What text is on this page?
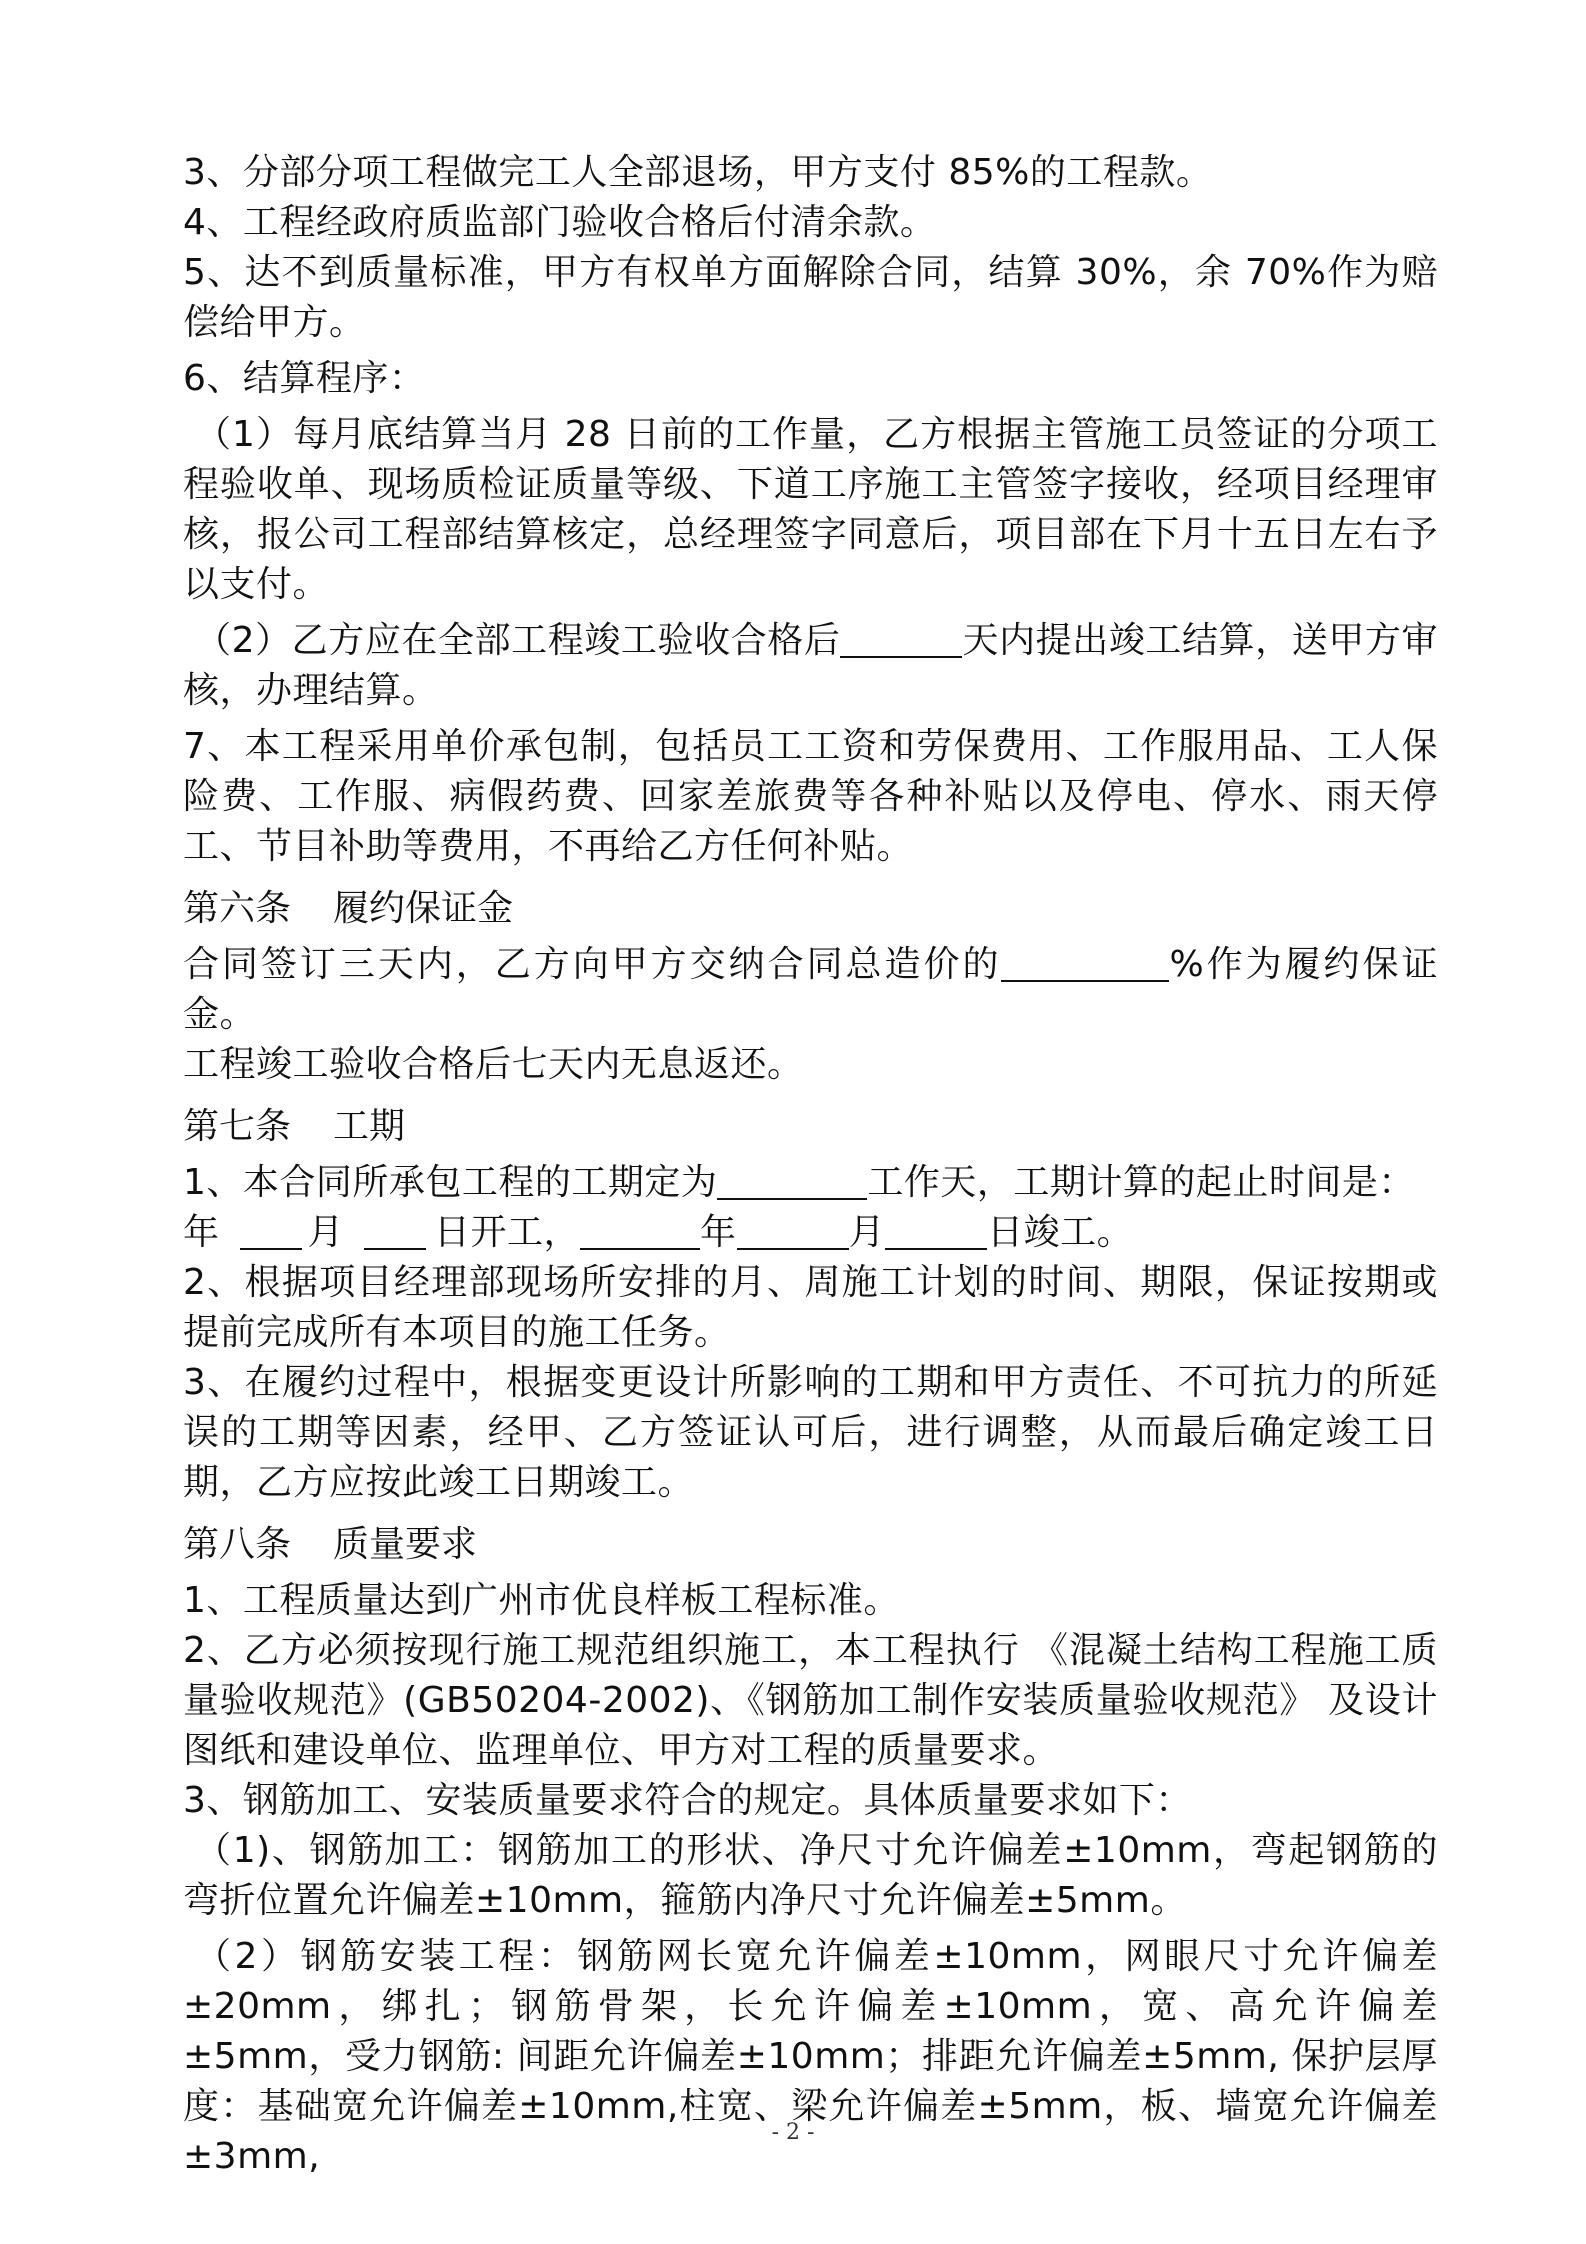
3、分部分项工程做完工人全部退场，甲方支付 85%的工程款。

4、工程经政府质监部门验收合格后付清余款。

5、达不到质量标准，甲方有权单方面解除合同，结算 30%，余 70%作为赔偿给甲方。

6、结算程序：

（1）每月底结算当月 28 日前的工作量，乙方根据主管施工员签证的分项工程验收单、现场质检证质量等级、下道工序施工主管签字接收，经项目经理审核，报公司工程部结算核定，总经理签字同意后，项目部在下月十五日左右予以支付。

（2）乙方应在全部工程竣工验收合格后	天内提出竣工结算，送甲方审核，办理结算。

7、本工程采用单价承包制，包括员工工资和劳保费用、工作服用品、工人保险费、工作服、病假药费、回家差旅费等各种补贴以及停电、停水、雨天停工、节目补助等费用，不再给乙方任何补贴。

第六条 履约保证金

合同签订三天内，乙方向甲方交纳合同总造价的	%作为履约保证金。

工程竣工验收合格后七天内无息返还。

第七条 工期

1、本合同所承包工程的工期定为	工作天，工期计算的起止时间是：

年 月	日开工，	年	月	日竣工。

2、根据项目经理部现场所安排的月、周施工计划的时间、期限，保证按期或提前完成所有本项目的施工任务。

3、在履约过程中，根据变更设计所影响的工期和甲方责任、不可抗力的所延误的工期等因素，经甲、乙方签证认可后，进行调整，从而最后确定竣工日期，乙方应按此竣工日期竣工。

第八条 质量要求

1、工程质量达到广州市优良样板工程标准。

2、乙方必须按现行施工规范组织施工，本工程执行 《混凝土结构工程施工质量验收规范》(GB50204-2002)、《钢筋加工制作安装质量验收规范》 及设计图纸和建设单位、监理单位、甲方对工程的质量要求。

3、钢筋加工、安装质量要求符合的规定。具体质量要求如下：

（1)、钢筋加工：钢筋加工的形状、净尺寸允许偏差±10mm，弯起钢筋的弯折位置允许偏差±10mm，箍筋内净尺寸允许偏差±5mm。

（2）钢筋安装工程：钢筋网长宽允许偏差±10mm，网眼尺寸允许偏差±20mm，绑扎；钢筋骨架，长允许偏差±10mm，宽、高允许偏差±5mm，受力钢筋: 间距允许偏差±10mm；排距允许偏差±5mm, 保护层厚度：基础宽允许偏差±10mm,柱宽、梁允许偏差±5mm，板、墙宽允许偏差±3mm,

- 2 -
